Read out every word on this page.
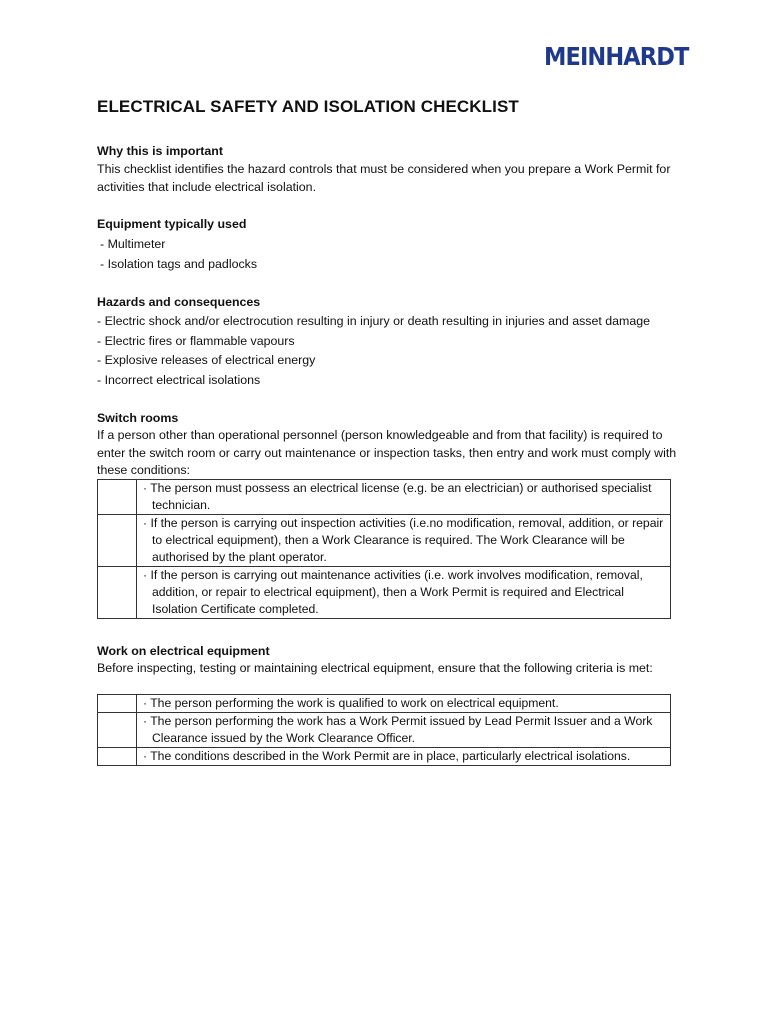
MEINHARDT
ELECTRICAL SAFETY AND ISOLATION CHECKLIST
Why this is important
This checklist identifies the hazard controls that must be considered when you prepare a Work Permit for activities that include electrical isolation.
Equipment typically used
- Multimeter
- Isolation tags and padlocks
Hazards and consequences
- Electric shock and/or electrocution resulting in injury or death resulting in injuries and asset damage
- Electric fires or flammable vapours
- Explosive releases of electrical energy
- Incorrect electrical isolations
Switch rooms
If a person other than operational personnel (person knowledgeable and from that facility) is required to enter the switch room or carry out maintenance or inspection tasks, then entry and work must comply with these conditions:

	· The person must possess an electrical license (e.g. be an electrician) or authorised specialist technician.

	· If the person is carrying out inspection activities (i.e.no modification, removal, addition, or repair to electrical equipment), then a Work Clearance is required. The Work Clearance will be authorised by the plant operator.

	· If the person is carrying out maintenance activities (i.e. work involves modification, removal, addition, or repair to electrical equipment), then a Work Permit is required and Electrical Isolation Certificate completed.
Work on electrical equipment
Before inspecting, testing or maintaining electrical equipment, ensure that the following criteria is met:

	· The person performing the work is qualified to work on electrical equipment.

	· The person performing the work has a Work Permit issued by Lead Permit Issuer and a Work Clearance issued by the Work Clearance Officer.

	· The conditions described in the Work Permit are in place, particularly electrical isolations.
